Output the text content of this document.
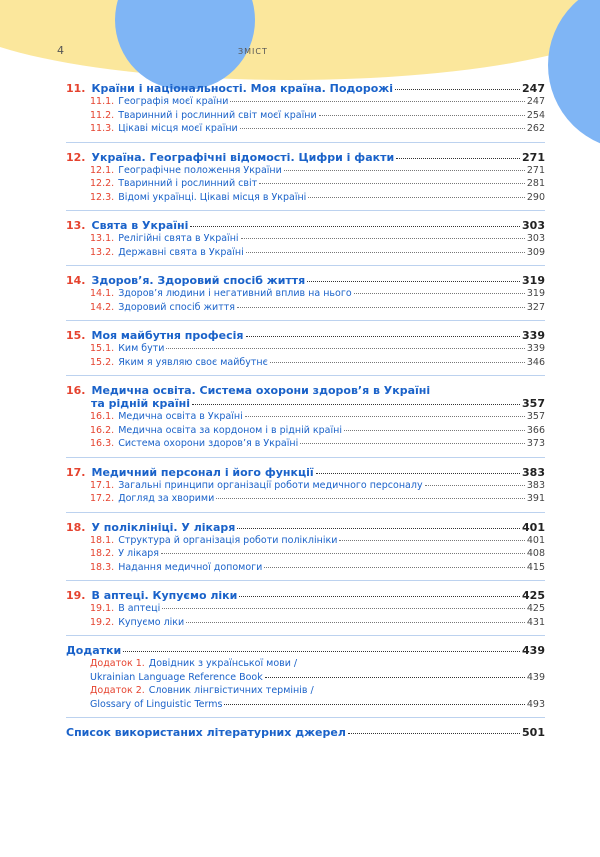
4	ЗМІСТ
11. Країни і національності. Моя країна. Подорожі	247
11.1. Географія моєї країни	247
11.2. Тваринний і рослинний світ моєї країни	254
11.3. Цікаві місця моєї країни	262
12. Україна. Географічні відомості. Цифри і факти	271
12.1. Географічне положення України	271
12.2. Тваринний і рослинний світ	281
12.3. Відомі українці. Цікаві місця в Україні	290
13. Свята в Україні	303
13.1. Релігійні свята в Україні	303
13.2. Державні свята в Україні	309
14. Здоров’я. Здоровий спосіб життя	319
14.1. Здоров’я людини і негативний вплив на нього	319
14.2. Здоровий спосіб життя	327
15. Моя майбутня професія	339
15.1. Ким бути	339
15.2. Яким я уявляю своє майбутнє	346
16. Медична освіта. Система охорони здоров’я в Україні
та рідній країні	357
16.1. Медична освіта в Україні	357
16.2. Медична освіта за кордоном і в рідній країні	366
16.3. Система охорони здоров’я в Україні	373
17. Медичний персонал і його функції	383
17.1. Загальні принципи організації роботи медичного персоналу	383
17.2. Догляд за хворими	391
18. У поліклініці. У лікаря	401
18.1. Структура й організація роботи поліклініки	401
18.2. У лікаря	408
18.3. Надання медичної допомоги	415
19. В аптеці. Купуємо ліки	425
19.1. В аптеці	425
19.2. Купуємо ліки	431
Додатки	439
Додаток 1. Довідник з української мови /
Ukrainian Language Reference Book	439
Додаток 2. Словник лінгвістичних термінів /
Glossary of Linguistic Terms	493
Список використаних літературних джерел	501
